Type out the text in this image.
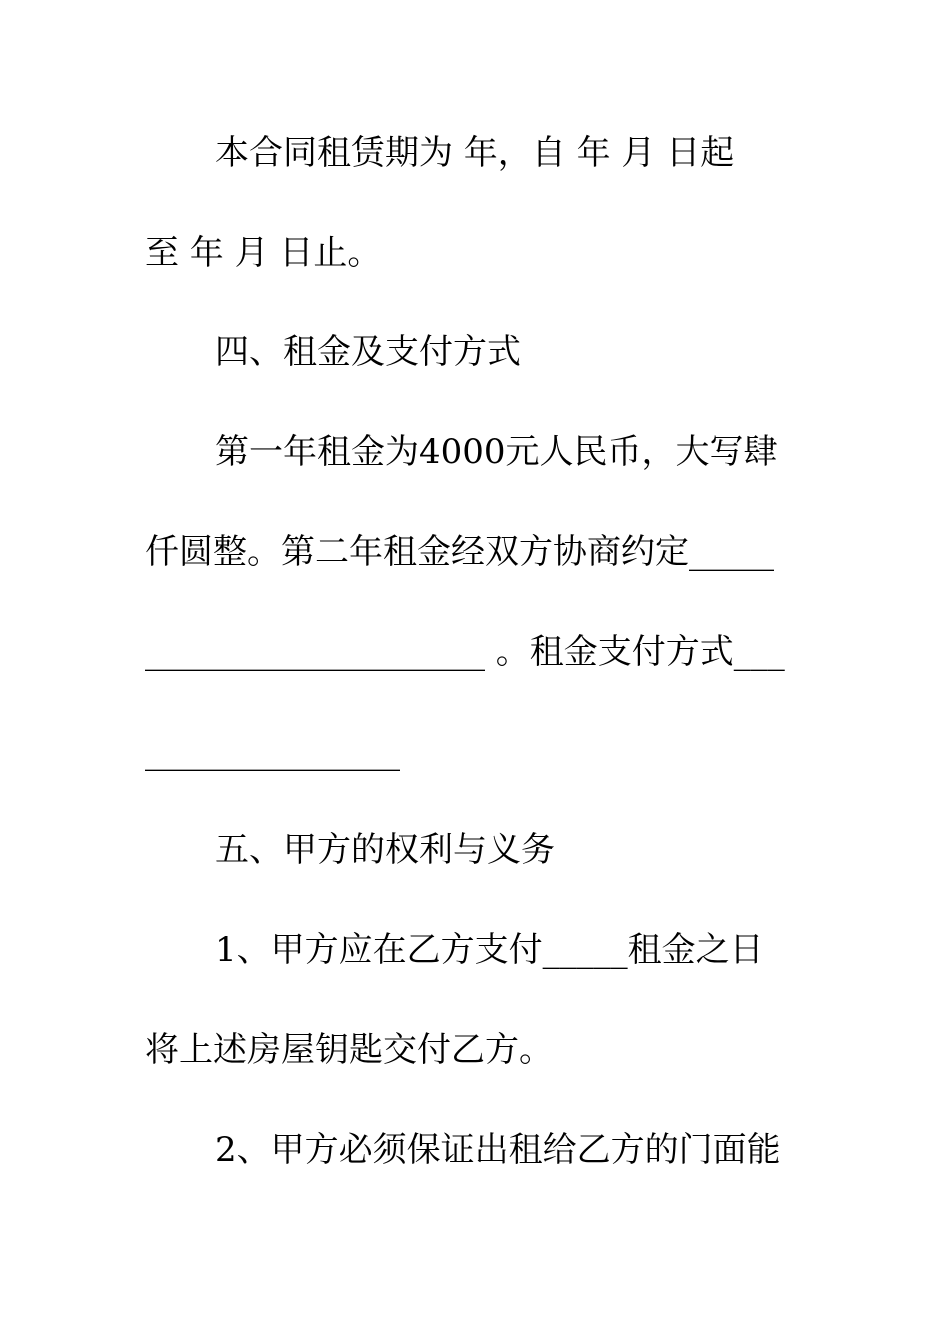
本合同租赁期为 年，自 年 月 日起
至 年 月 日止。
四、租金及支付方式
第一年租金为4000元人民币，大写肆
仟圆整。第二年租金经双方协商约定_____
____________________ 。租金支付方式___
_______________
五、甲方的权利与义务
1、甲方应在乙方支付_____租金之日
将上述房屋钥匙交付乙方。
2、甲方必须保证出租给乙方的门面能
